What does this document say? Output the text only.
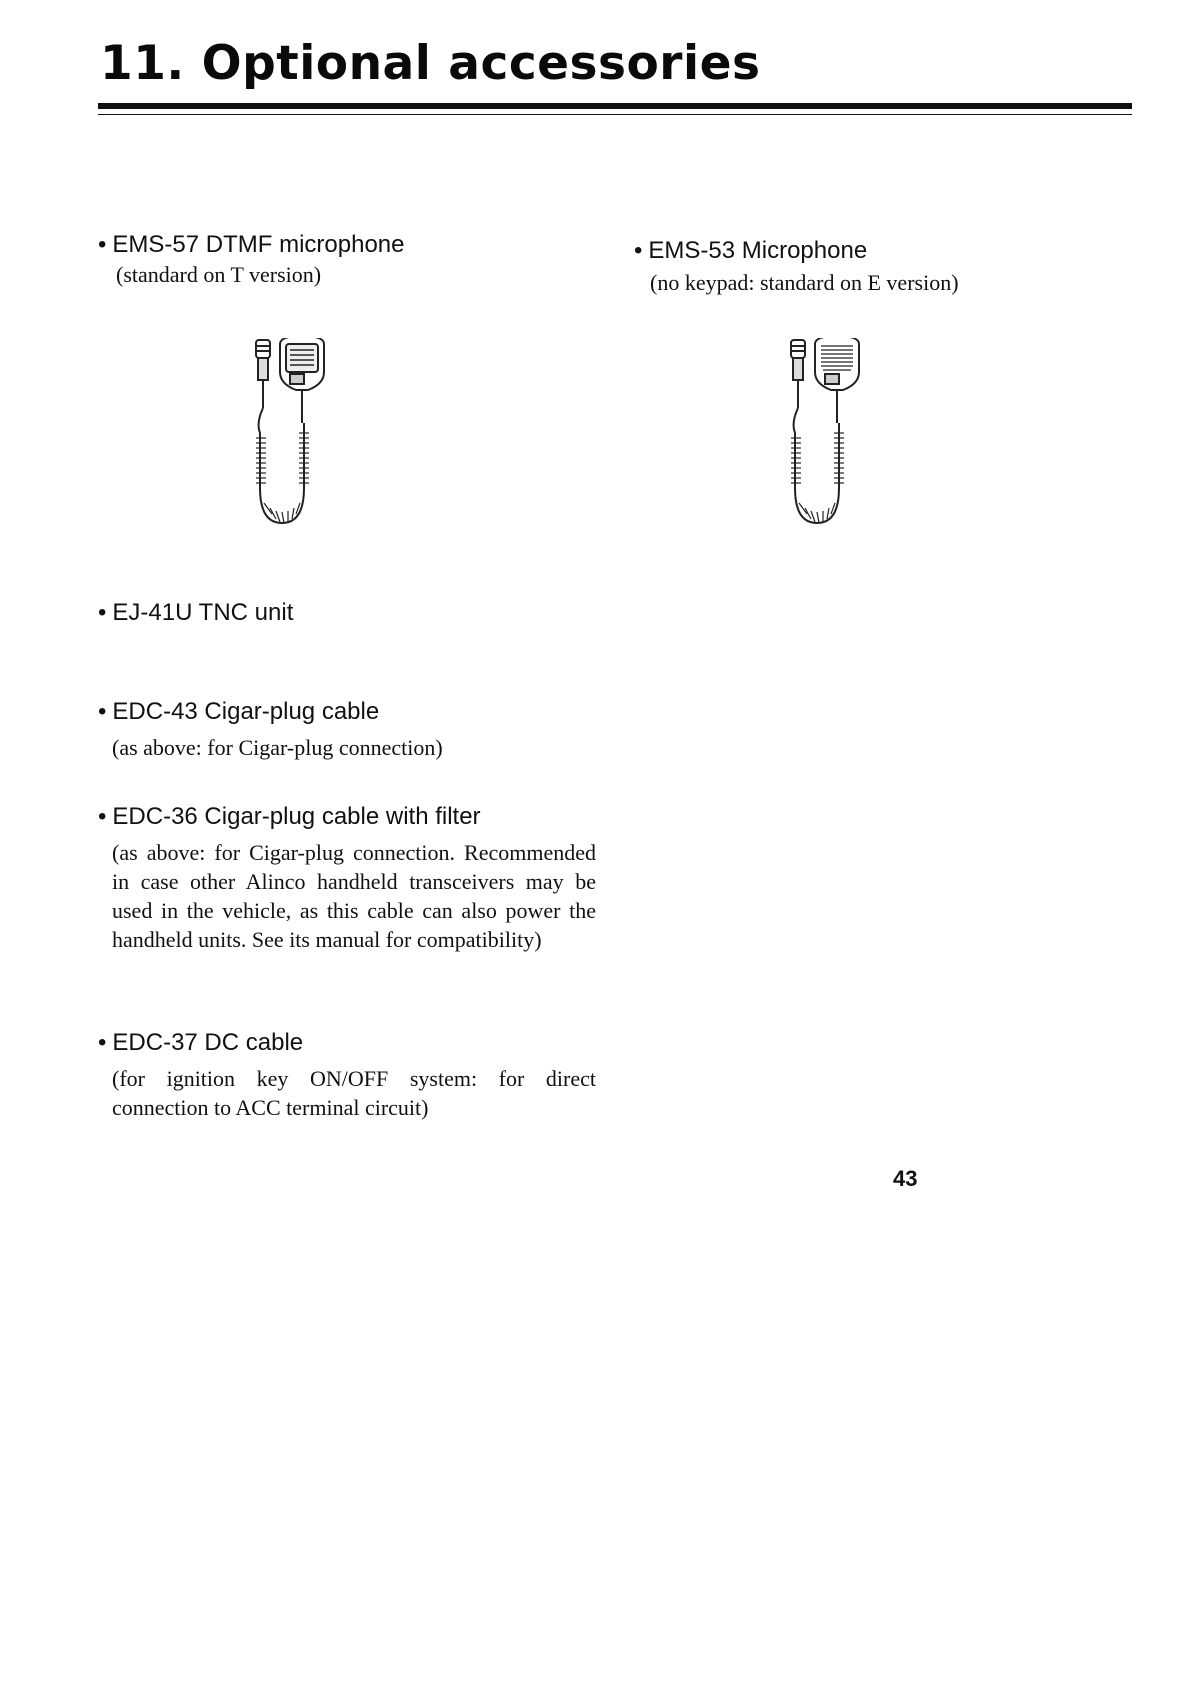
11. Optional accessories
• EMS-57 DTMF microphone
(standard on T version)
• EMS-53 Microphone
(no keypad: standard on E version)
• EJ-41U TNC unit
• EDC-43 Cigar-plug cable
(as above: for Cigar-plug connection)
• EDC-36 Cigar-plug cable with filter
(as above: for Cigar-plug connection. Recommended in case other Alinco handheld transceivers may be used in the vehicle, as this cable can also power the handheld units. See its manual for compatibility)
• EDC-37 DC cable
(for ignition key ON/OFF system: for direct connection to ACC terminal circuit)
43
